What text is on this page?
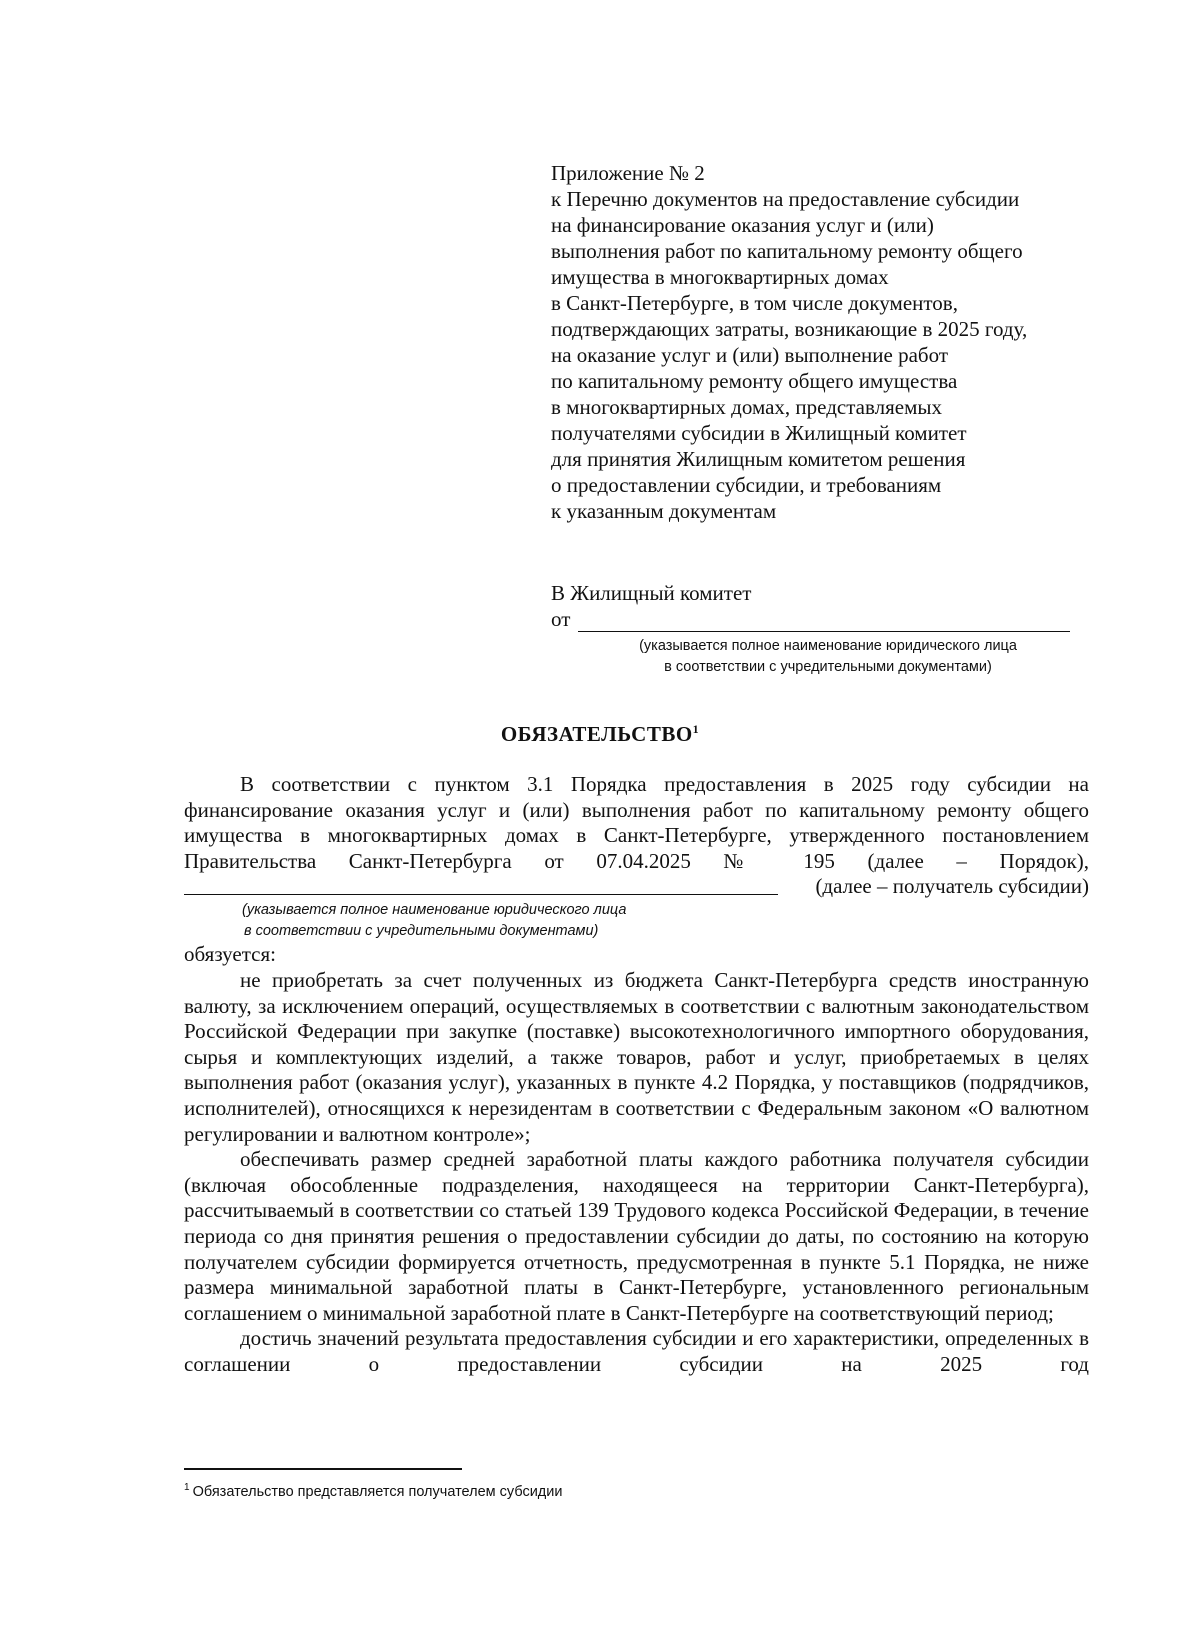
Приложение № 2
к Перечню документов на предоставление субсидии
на финансирование оказания услуг и (или)
выполнения работ по капитальному ремонту общего
имущества в многоквартирных домах
в Санкт-Петербурге, в том числе документов,
подтверждающих затраты, возникающие в 2025 году,
на оказание услуг и (или) выполнение работ
по капитальному ремонту общего имущества
в многоквартирных домах, представляемых
получателями субсидии в Жилищный комитет
для принятия Жилищным комитетом решения
о предоставлении субсидии, и требованиям
к указанным документам
В Жилищный комитет
от
(указывается полное наименование юридического лица
в соответствии с учредительными документами)
ОБЯЗАТЕЛЬСТВО$^1$

В соответствии с пунктом 3.1 Порядка предоставления в 2025 году субсидии на финансирование оказания услуг и (или) выполнения работ по капитальному ремонту общего имущества в многоквартирных домах в Санкт-Петербурге, утвержденного постановлением Правительства Санкт-Петербурга от 07.04.2025 № 195 (далее – Порядок),

(далее – получатель субсидии)
(указывается полное наименование юридического лица
в соответствии с учредительными документами)

обязуется:

не приобретать за счет полученных из бюджета Санкт-Петербурга средств иностранную валюту, за исключением операций, осуществляемых в соответствии с валютным законодательством Российской Федерации при закупке (поставке) высокотехнологичного импортного оборудования, сырья и комплектующих изделий, а также товаров, работ и услуг, приобретаемых в целях выполнения работ (оказания услуг), указанных в пункте 4.2 Порядка, у поставщиков (подрядчиков, исполнителей), относящихся к нерезидентам в соответствии с Федеральным законом «О валютном регулировании и валютном контроле»;

обеспечивать размер средней заработной платы каждого работника получателя субсидии (включая обособленные подразделения, находящееся на территории Санкт-Петербурга), рассчитываемый в соответствии со статьей 139 Трудового кодекса Российской Федерации, в течение периода со дня принятия решения о предоставлении субсидии до даты, по состоянию на которую получателем субсидии формируется отчетность, предусмотренная в пункте 5.1 Порядка, не ниже размера минимальной заработной платы в Санкт-Петербурге, установленного региональным соглашением о минимальной заработной плате в Санкт-Петербурге на соответствующий период;

достичь значений результата предоставления субсидии и его характеристики, определенных в соглашении о предоставлении субсидии на 2025 год

$^1$ Обязательство представляется получателем субсидии
